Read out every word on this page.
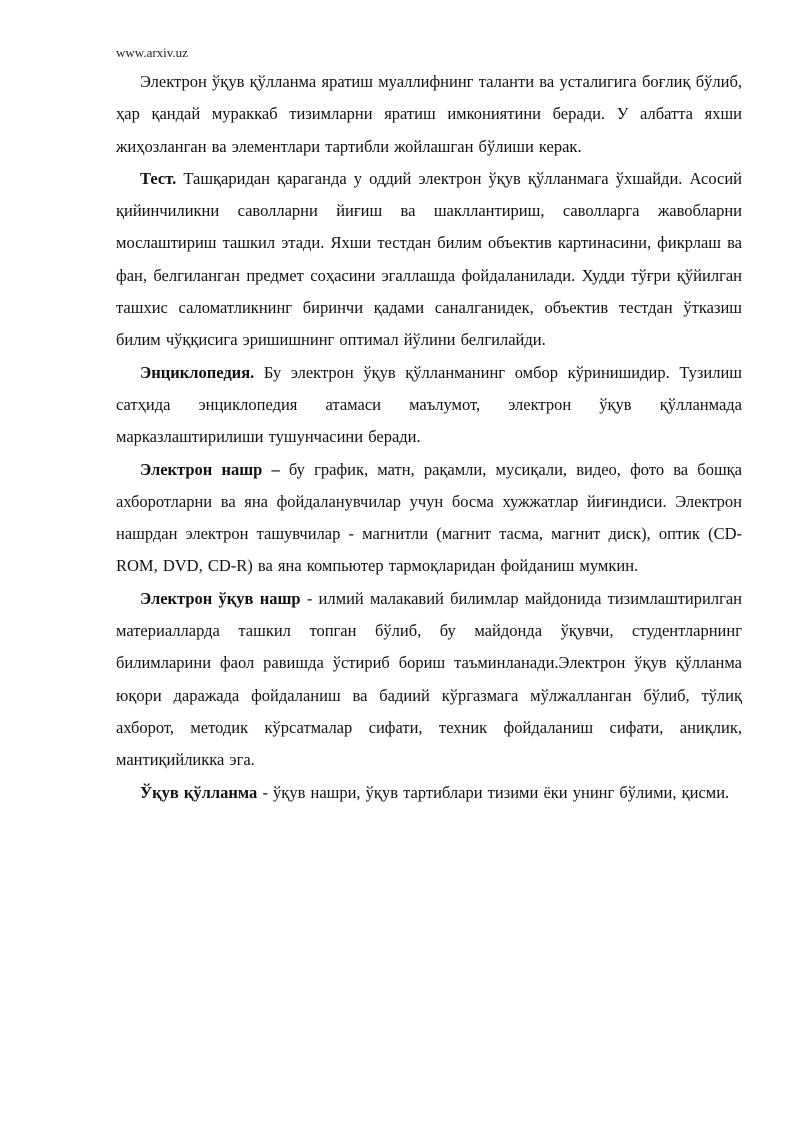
www.arxiv.uz

Электрон ўқув қўлланма яратиш муаллифнинг таланти ва усталигига боғлиқ бўлиб, ҳар қандай мураккаб тизимларни яратиш имкониятини беради. У албатта яхши жиҳозланган ва элементлари тартибли жойлашган бўлиши керак.

Тест. Ташқаридан қараганда у оддий электрон ўқув қўлланмага ўхшайди. Асосий қийинчиликни саволларни йиғиш ва шакллантириш, саволларга жавобларни мослаштириш ташкил этади. Яхши тестдан билим объектив картинасини, фикрлаш ва фан, белгиланган предмет соҳасини эгаллашда фойдаланилади. Худди тўғри қўйилган ташхис саломатликнинг биринчи қадами саналганидек, объектив тестдан ўтказиш билим чўққисига эришишнинг оптимал йўлини белгилайди.

Энциклопедия. Бу электрон ўқув қўлланманинг омбор кўринишидир. Тузилиш сатҳида энциклопедия атамаси маълумот, электрон ўқув қўлланмада марказлаштирилиши тушунчасини беради.

Электрон нашр – бу график, матн, рақамли, мусиқали, видео, фото ва бошқа ахборотларни ва яна фойдаланувчилар учун босма хужжатлар йиғиндиси. Электрон нашрдан электрон ташувчилар - магнитли (магнит тасма, магнит диск), оптик (CD-ROM, DVD, CD-R) ва яна компьютер тармоқларидан фойданиш мумкин.

Электрон ўқув нашр - илмий малакавий билимлар майдонида тизимлаштирилган материалларда ташкил топган бўлиб, бу майдонда ўқувчи, студентларнинг билимларини фаол равишда ўстириб бориш таъминланади.Электрон ўқув қўлланма юқори даражада фойдаланиш ва бадиий кўргазмага мўлжалланган бўлиб, тўлиқ ахборот, методик кўрсатмалар сифати, техник фойдаланиш сифати, аниқлик, мантиқийликка эга.

Ўқув қўлланма - ўқув нашри, ўқув тартиблари тизими ёки унинг бўлими, қисми.
